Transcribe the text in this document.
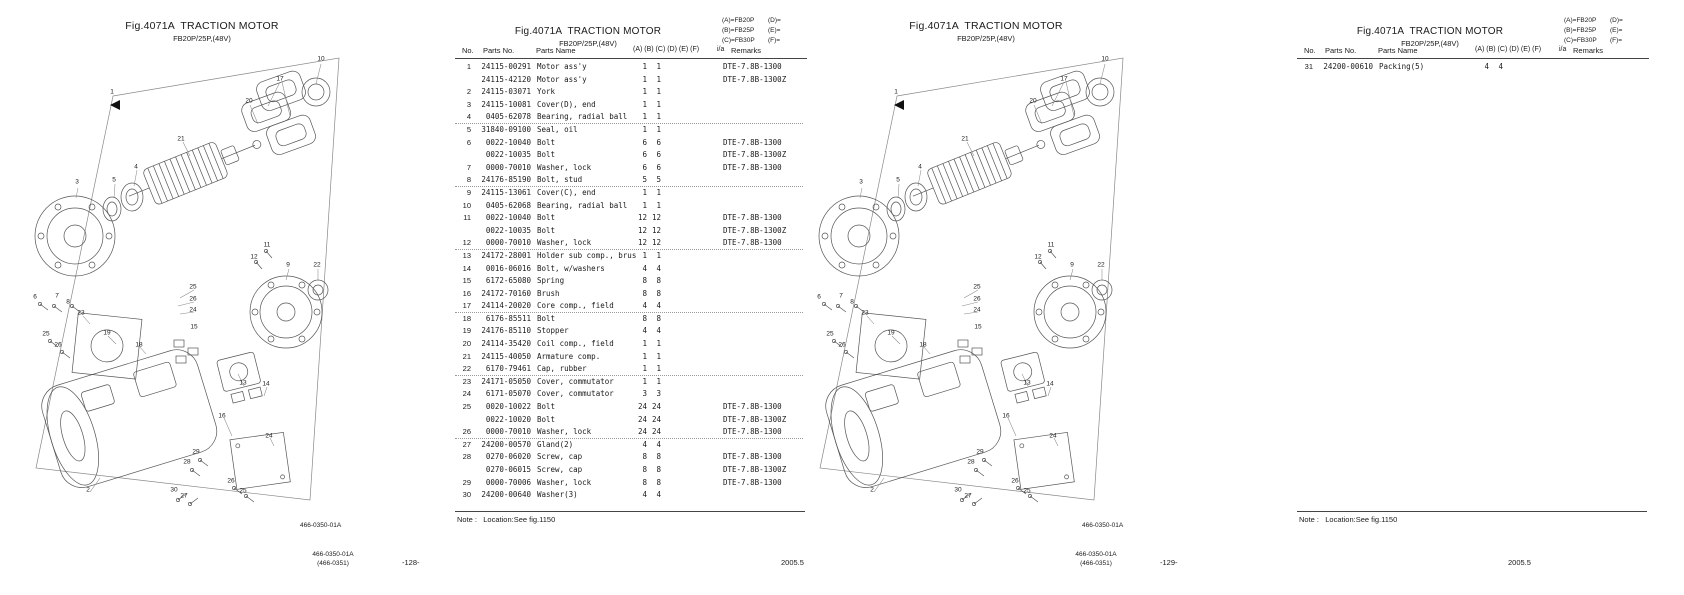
Fig.4071A  TRACTION MOTOR
FB20P/25P,(48V)
1
10
17
20
21
3	5
4
6	7
8
12
11
9	22
25
26
24
23
19
15
18
13 14
16
24
25
26
29
28
30
27
2
26
25
466-0350-01A
Fig.4071A  TRACTION MOTOR
FB20P/25P,(48V)
(A)=FB20P (D)=
(B)=FB25P (E)=
(C)=FB30P (F)=
No. Parts No.	Parts Name	(A) (B) (C) (D) (E) (F)	i/a Remarks
1 24115-00291 Motor ass'y	1	1	DTE-7.8B-1300
24115-42120 Motor ass'y	1	1	DTE-7.8B-1300Z
2 24115-03071 York	1	1
3 24115-10081 Cover(D), end	1	1
4	0405-62078 Bearing, radial ball	1	1
5 31840-09100 Seal, oil	1	1
6	0022-10040 Bolt	6	6	DTE-7.8B-1300
0022-10035 Bolt	6	6	DTE-7.8B-1300Z
7	0000-70010 Washer, lock	6	6	DTE-7.8B-1300
8 24176-85190 Bolt, stud	5	5
9 24115-13061 Cover(C), end	1	1
10	0405-62068 Bearing, radial ball	1	1
11	0022-10040 Bolt	12 12	DTE-7.8B-1300
0022-10035 Bolt	12 12	DTE-7.8B-1300Z
12	0000-70010 Washer, lock	12 12	DTE-7.8B-1300
13 24172-28001 Holder sub comp., brus 1	1
14	0016-06016 Bolt, w/washers	4	4
15	6172-65080 Spring	8	8
16 24172-70160 Brush	8	8
17 24114-20020 Core comp., field	4	4
18	6176-85511 Bolt	8	8
19 24176-85110 Stopper	4	4
20 24114-35420 Coil comp., field	1	1
21 24115-40050 Armature comp.	1	1
22	6170-79461 Cap, rubber	1	1
23 24171-05050 Cover, commutator	1	1
24	6171-05070 Cover, commutator	3	3
25	0020-10022 Bolt	24 24	DTE-7.8B-1300
0022-10020 Bolt	24 24	DTE-7.8B-1300Z
26	0000-70010 Washer, lock	24 24	DTE-7.8B-1300
27 24200-00570 Gland(2)	4	4
28	0270-06020 Screw, cap	8	8	DTE-7.8B-1300
0270-06015 Screw, cap	8	8	DTE-7.8B-1300Z
29	0000-70006 Washer, lock	8	8	DTE-7.8B-1300
30 24200-00640 Washer(3)	4	4
Note :   Location:See fig.1150
466-0350-01A
(466-0351)	-128-	2005.5
Fig.4071A  TRACTION MOTOR
FB20P/25P,(48V)
1
10
17
20
21
3	5
4
6	7
8
12
11
9	22
25
26
24
23
19
15
18
13 14
16
24
25
26
29
28
30
27
2
26
25
466-0350-01A
Fig.4071A  TRACTION MOTOR
FB20P/25P,(48V)
(A)=FB20P (D)=
(B)=FB25P (E)=
(C)=FB30P (F)=
No. Parts No.	Parts Name	(A) (B) (C) (D) (E) (F)	i/a Remarks
31 24200-00610 Packing(5)	4	4
Note :   Location:See fig.1150
466-0350-01A
(466-0351)	-129-	2005.5
